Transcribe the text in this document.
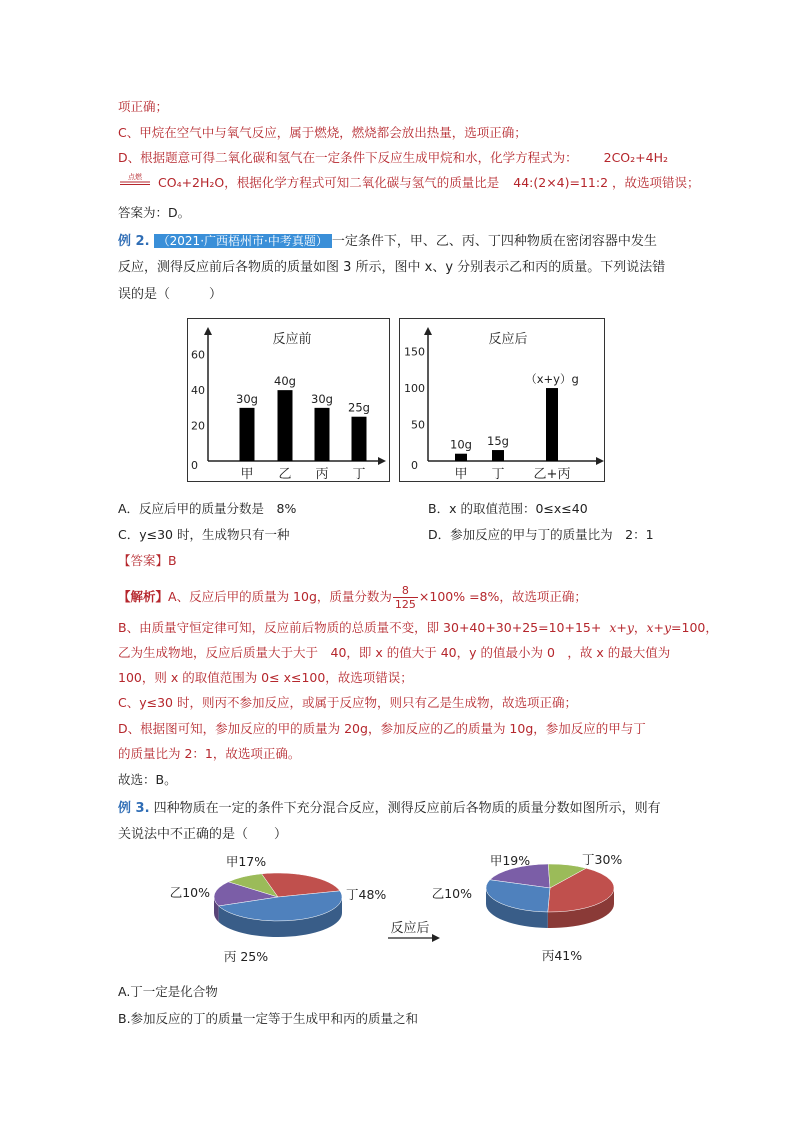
项正确；
C、甲烷在空气中与氧气反应，属于燃烧，燃烧都会放出热量，选项正确；
D、根据题意可得二氧化碳和氢气在一定条件下反应生成甲烷和水，化学方程式为： 2CO₂+4H₂
点燃 CO₄+2H₂O，根据化学方程式可知二氧化碳与氢气的质量比是 44:(2×4)=11:2 ，故选项错误；
答案为：D。
例 2. （2021·广西梧州市·中考真题） 一定条件下，甲、乙、丙、丁四种物质在密闭容器中发生
反应，测得反应前后各物质的质量如图 3 所示，图中 x、y 分别表示乙和丙的质量。下列说法错
误的是（　　　）
反应前
0
20
40
60
30g
甲
40g
乙
30g
丙
25g
丁
反应后
0
50
100
150
10g
甲
15g
丁
（x+y）g
乙+丙
A．反应后甲的质量分数是　8%	B．x 的取值范围：0≤x≤40
C．y≤30 时，生成物只有一种	D．参加反应的甲与丁的质量比为　2：1
【答案】B
【解析】A、反应后甲的质量为 10g，质量分数为 $\frac{8}{125} \times 100\% =8\%$，故选项正确；
B、由质量守恒定律可知，反应前后物质的总质量不变，即 30+40+30+25=10+15+ x+y，x+y=100，
乙为生成物地，反应后质量大于大于　40，即 x 的值大于 40，y 的值最小为 0　，故 x 的最大值为
100，则 x 的取值范围为 0≤ x≤100，故选项错误；
C、y≤30 时，则丙不参加反应，或属于反应物，则只有乙是生成物，故选项正确；
D、根据图可知，参加反应的甲的质量为 20g，参加反应的乙的质量为 10g，参加反应的甲与丁
的质量比为 2：1，故选项正确。
故选：B。
例 3. 四种物质在一定的条件下充分混合反应，测得反应前后各物质的质量分数如图所示，则有
关说法中不正确的是（　　）
甲17%
乙10%
丙 25%
丁48%
甲19%
乙10%
丙41%
丁30%
反应后
A.丁一定是化合物
B.参加反应的丁的质量一定等于生成甲和丙的质量之和
